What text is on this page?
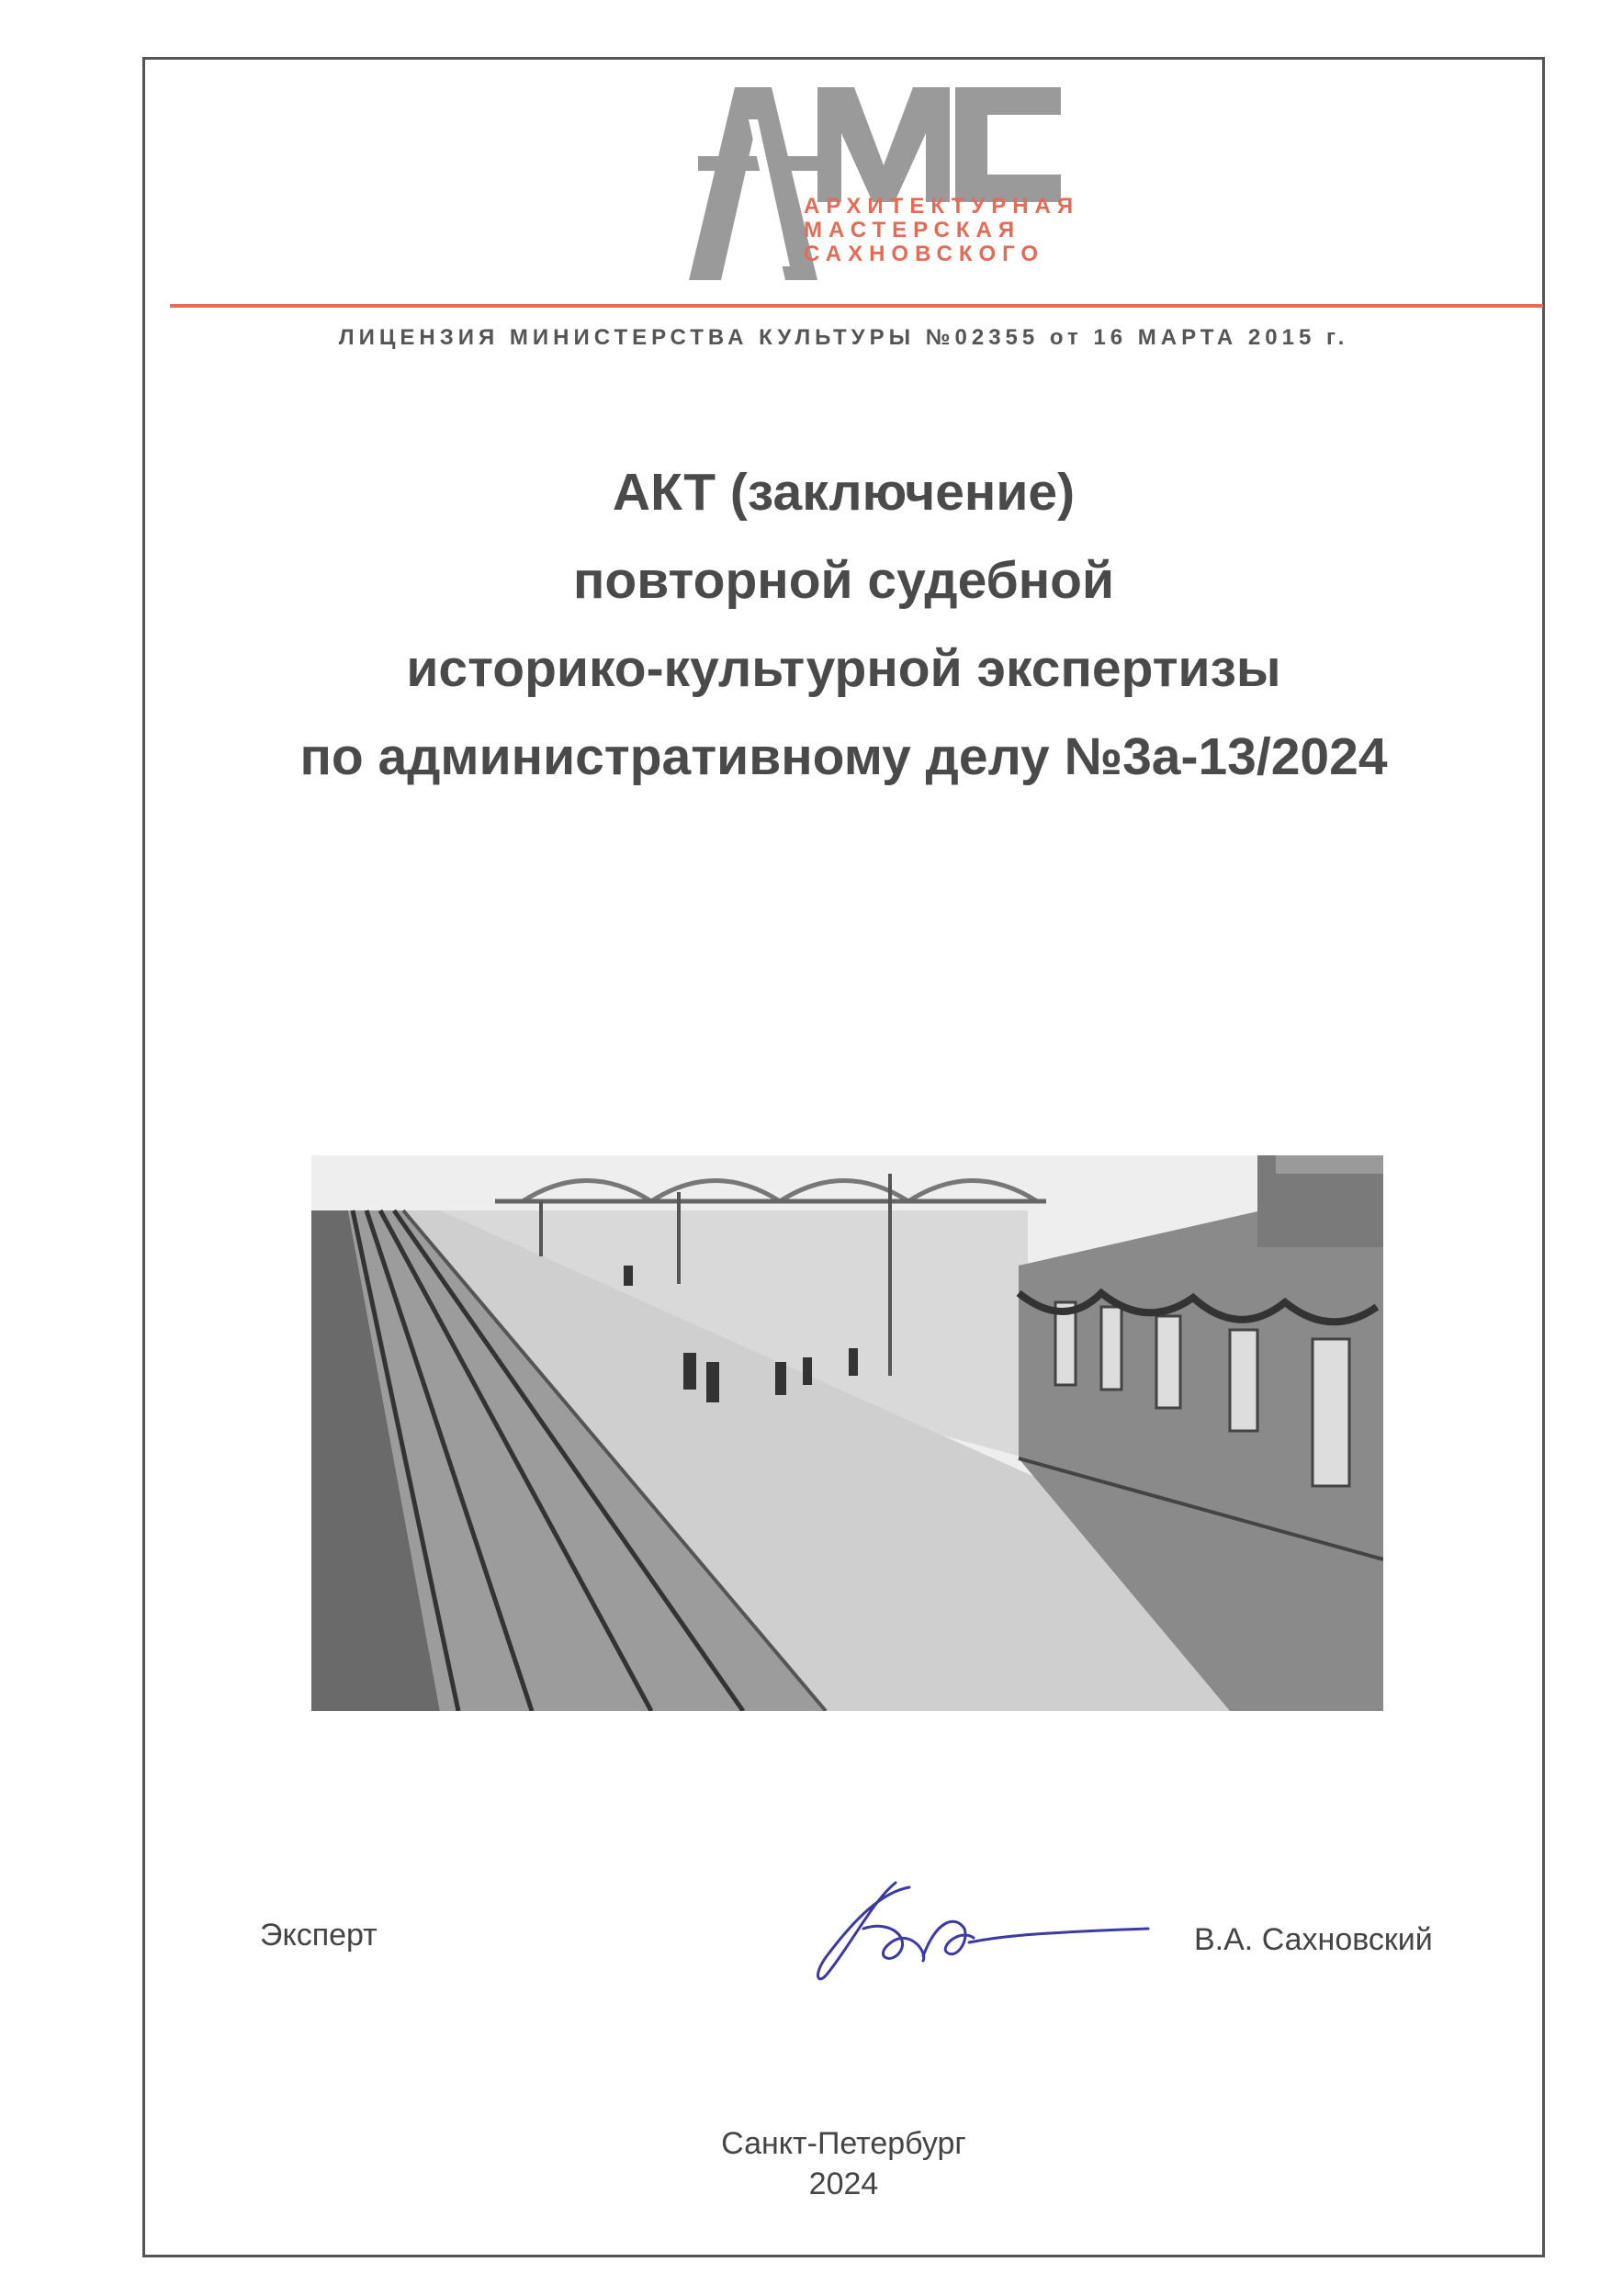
АРХИТЕКТУРНАЯ
МАСТЕРСКАЯ
САХНОВСКОГО
ЛИЦЕНЗИЯ МИНИСТЕРСТВА КУЛЬТУРЫ №02355 от 16 МАРТА 2015 г.
АКТ (заключение)
повторной судебной
историко-культурной экспертизы
по административному делу №3а-13/2024
Эксперт	В.А. Сахновский
Санкт-Петербург
2024
